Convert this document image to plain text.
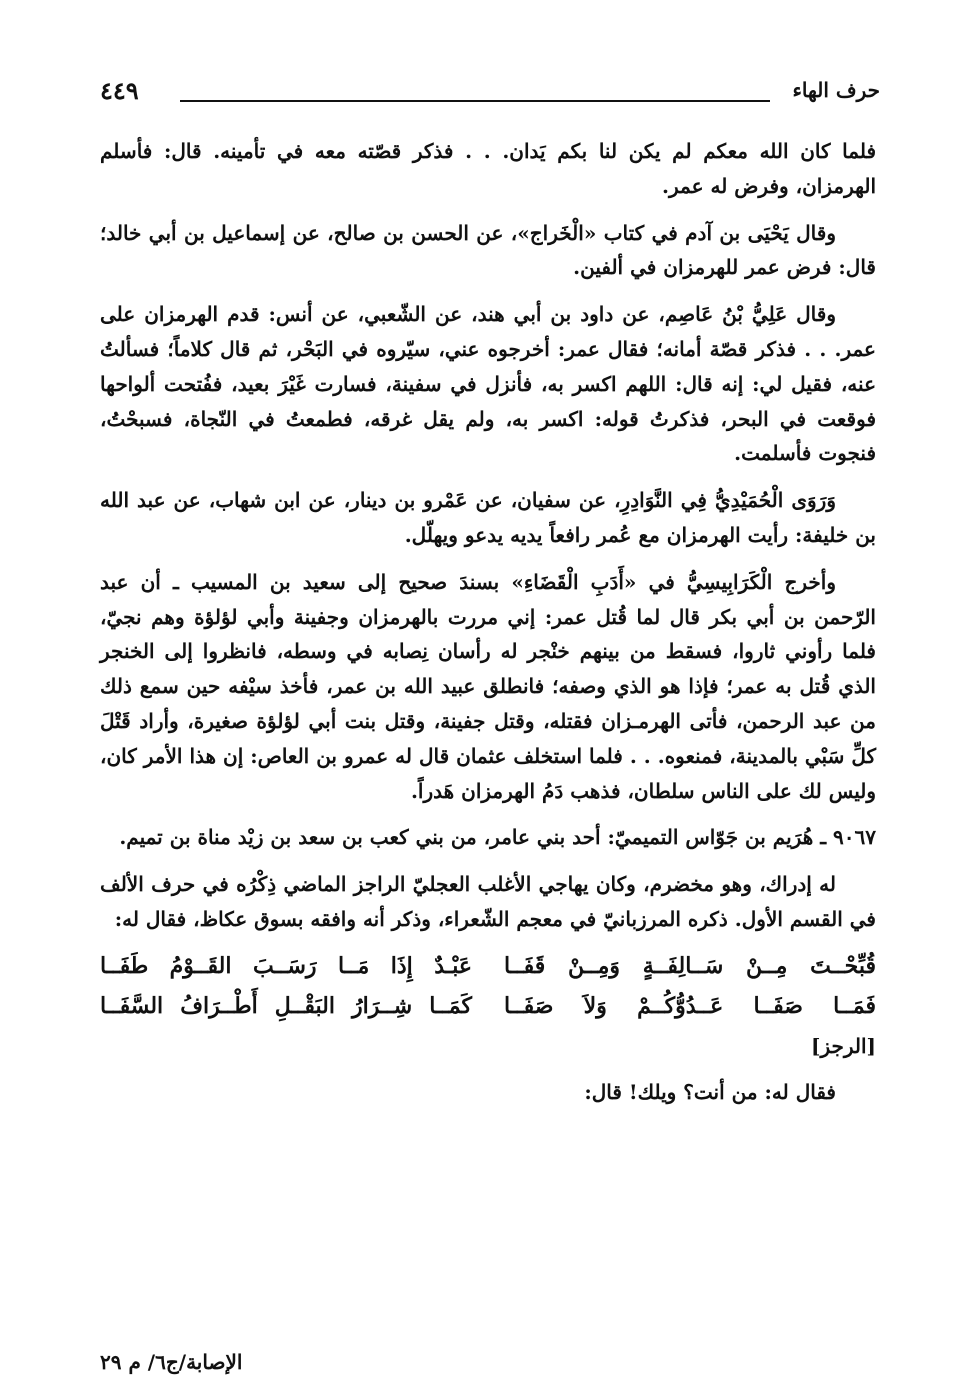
حرف الهاء
٤٤٩

فلما كان الله معكم لم يكن لنا بكم يَدان. . . فذكر قصّته معه في تأمينه. قال: فأسلم الهرمزان، وفرض له عمر.

وقال يَحْيَى بن آدم في كتاب «الْخَراج»، عن الحسن بن صالح، عن إسماعيل بن أبي خالد؛ قال: فرض عمر للهرمزان في ألفين.

وقال عَلِيُّ بْنُ عَاصِم، عن داود بن أبي هند، عن الشّعبي، عن أنس: قدم الهرمزان على عمر. . . فذكر قصّة أمانه؛ فقال عمر: أخرجوه عني، سيّروه في البَحْر، ثم قال كلاماً؛ فسألتُ عنه، فقيل لي: إنه قال: اللهم اكسر به، فأنزل في سفينة، فسارت غَيْرَ بعيد، ففُتحت ألواحها فوقعت في البحر، فذكرتُ قوله: اكسر به، ولم يقل غرقه، فطمعتُ في النّجاة، فسبحْتُ، فنجوت فأسلمت.

وَرَوَى الْحُمَيْدِيُّ فِي النَّوَادِرِ، عن سفيان، عن عَمْرو بن دينار، عن ابن شهاب، عن عبد الله بن خليفة: رأيت الهرمزان مع عُمر رافعاً يديه يدعو ويهلّل.

وأخرج الْكَرَابِيسِيُّ في «أَدَبِ الْقَضَاءِ» بسندَ صحيح إلى سعيد بن المسيب ـ أن عبد الرّحمن بن أبي بكر قال لما قُتل عمر: إني مررت بالهرمزان وجفينة وأبي لؤلؤة وهم نجيّ، فلما رأوني ثاروا، فسقط من بينهم خنْجر له رأسان نِصابه في وسطه، فانظروا إلى الخنجر الذي قُتل به عمر؛ فإذا هو الذي وصفه؛ فانطلق عبيد الله بن عمر، فأخذ سيْفه حين سمع ذلك من عبد الرحمن، فأتى الهرمـزان فقتله، وقتل جفينة، وقتل بنت أبي لؤلؤة صغيرة، وأراد قَتْلَ كلِّ سَبْي بالمدينة، فمنعوه. . . فلما استخلف عثمان قال له عمرو بن العاص: إن هذا الأمر كان، وليس لك على الناس سلطان، فذهب دَمُ الهرمزان هَدراً.

٩٠٦٧ ـ هُرَيم بن جَوّاس التميميّ: أحد بني عامر، من بني كعب بن سعد بن زيْد مناة بن تميم.

له إدراك، وهو مخضرم، وكان يهاجي الأغلب العجليّ الراجز الماضي ذِكْرُه في حرف الألف في القسم الأول. ذكره المرزبانيّ في معجم الشّعراء، وذكر أنه وافقه بسوق عكاظ، فقال له:

قُبِّحْــتَ مِــنْ سَــالِفَــةٍ وَمِــنْ قَفَــا
عَبْـدٌ إِذَا مَــا رَسَــبَ القَــوْمُ طَفَــا
فَمَــا صَفَــا عَــدُوُّكُــمْ وَلاَ صَفَــا
كَمَــا شِــرَارُ البَقْــلِ أَطْــرَافُ السَّفَــا
[الرجز]

فقال له: من أنت؟ ويلك! قال:

الإصابة/ج٦/ م ٢٩
